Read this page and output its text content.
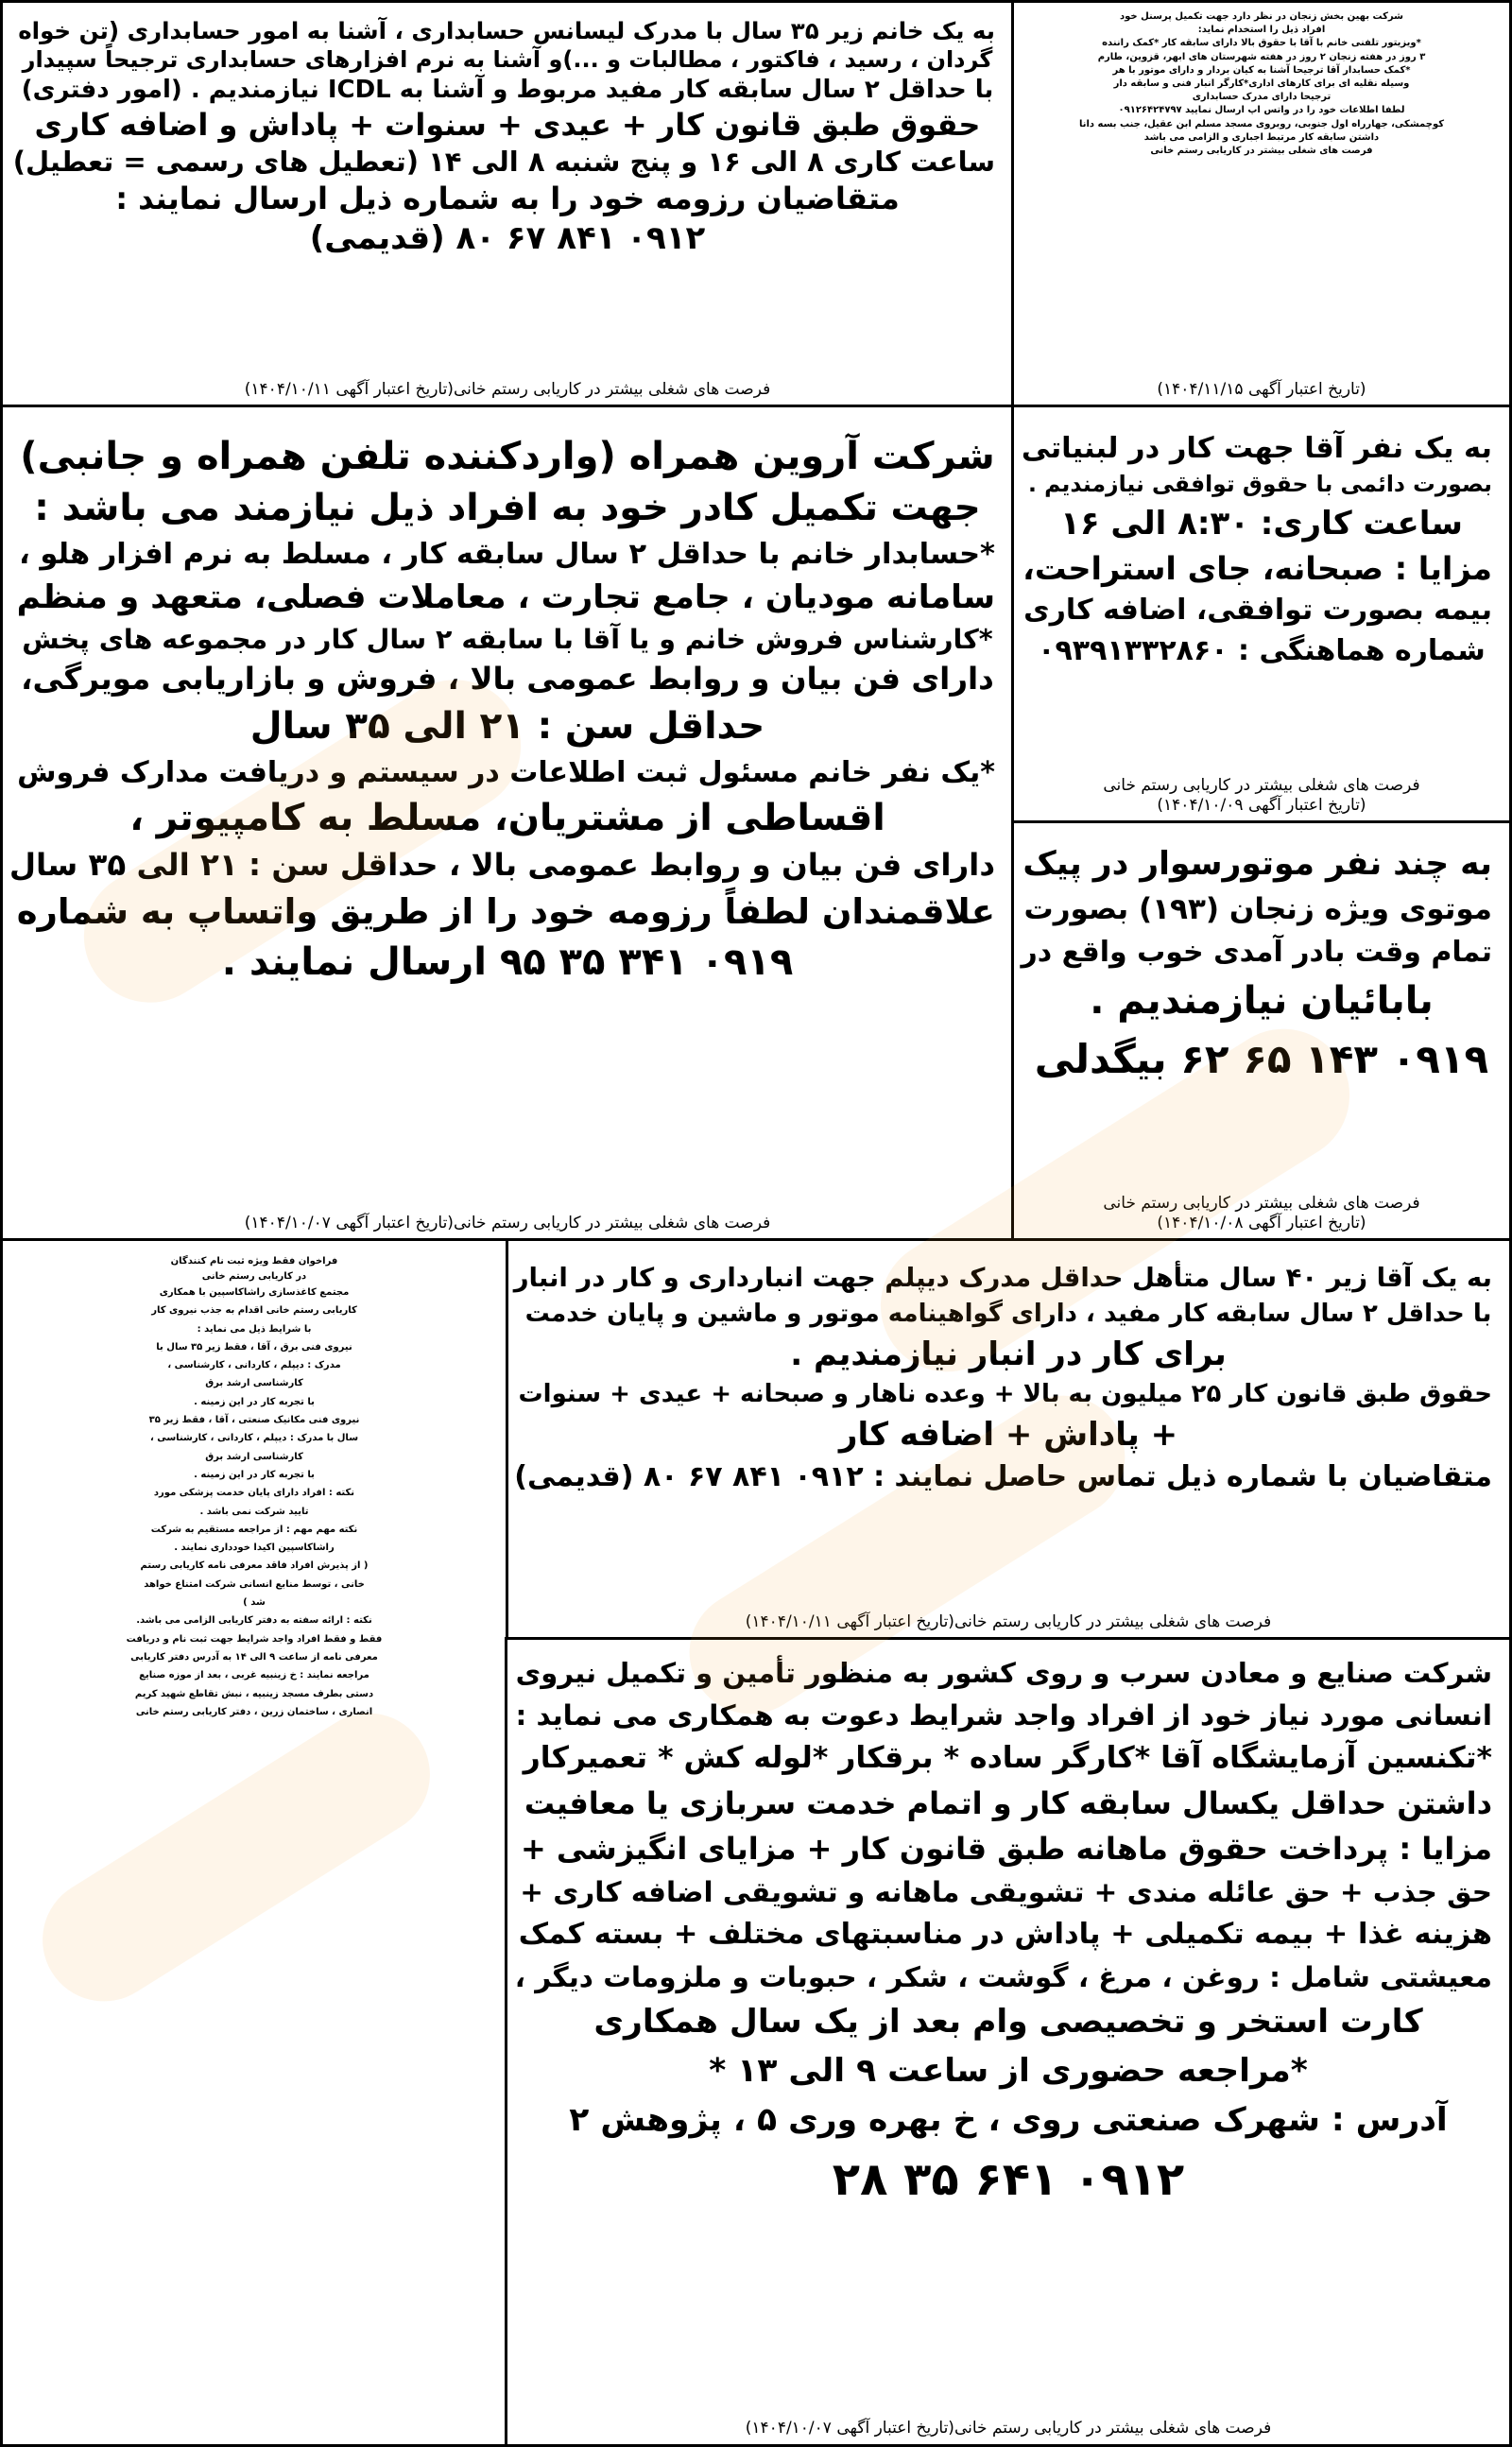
به یک خانم زیر ۳۵ سال با مدرک لیسانس حسابداری ، آشنا به امور حسابداری (تن خواه
گردان ، رسید ، فاکتور ، مطالبات و ...)و آشنا به نرم افزارهای حسابداری ترجیحاً سپیدار
با حداقل ۲ سال سابقه کار مفید مربوط و آشنا به ICDL نیازمندیم . (امور دفتری)
حقوق طبق قانون کار + عیدی + سنوات + پاداش و اضافه کاری
ساعت کاری ۸ الی ۱۶ و پنج شنبه ۸ الی ۱۴ (تعطیل های رسمی = تعطیل)
متقاضیان رزومه خود را به شماره ذیل ارسال نمایند :
۰۹۱۲ ۸۴۱ ۶۷ ۸۰ (قدیمی)
فرصت های شغلی بیشتر در کاریابی رستم خانی(تاریخ اعتبار آگهی ۱۴۰۴/۱۰/۱۱)
شرکت بهین بخش زنجان در نظر دارد جهت تکمیل پرسنل خود
افراد ذیل را استخدام نماید:
*ویزیتور تلفنی خانم با آقا با حقوق بالا دارای سابقه کار *کمک راننده
۳ روز در هفته زنجان ۲ روز در هفته شهرستان های ابهر، قزوین، طارم
*کمک حسابدار آقا ترجیحا آشنا به کیان بردار و دارای موتور با هر
وسیله نقلیه ای برای کارهای اداری*کارگر انبار فنی و سابقه دار
ترجیحا دارای مدرک حسابداری
لطفا اطلاعات خود را در واتس اپ ارسال نمایید ۰۹۱۲۶۴۲۴۷۹۷
کوچمشکی، جهارراه اول جنوبی، روبروی مسجد مسلم ابن عقیل، جنب بسه دانا
داشتن سابقه کار مرتبط اجباری و الزامی می باشد
فرصت های شغلی بیشتر در کاریابی رستم خانی
(تاریخ اعتبار آگهی ۱۴۰۴/۱۱/۱۵)
شرکت آروین همراه (واردکننده تلفن همراه و جانبی)
جهت تکمیل کادر خود به افراد ذیل نیازمند می باشد :
*حسابدار خانم با حداقل ۲ سال سابقه کار ، مسلط به نرم افزار هلو ،
سامانه مودیان ، جامع تجارت ، معاملات فصلی، متعهد و منظم
*کارشناس فروش خانم و یا آقا با سابقه ۲ سال کار در مجموعه های پخش
دارای فن بیان و روابط عمومی بالا ، فروش و بازاریابی مویرگی،
حداقل سن : ۲۱ الی ۳۵ سال
*یک نفر خانم مسئول ثبت اطلاعات در سیستم و دریافت مدارک فروش
اقساطی از مشتریان، مسلط به کامپیوتر ،
دارای فن بیان و روابط عمومی بالا ، حداقل سن : ۲۱ الی ۳۵ سال
علاقمندان لطفاً رزومه خود را از طریق واتساپ به شماره
۰۹۱۹ ۳۴۱ ۳۵ ۹۵ ارسال نمایند .
فرصت های شغلی بیشتر در کاریابی رستم خانی(تاریخ اعتبار آگهی ۱۴۰۴/۱۰/۰۷)
به یک نفر آقا جهت کار در لبنیاتی
بصورت دائمی با حقوق توافقی نیازمندیم .
ساعت کاری: ۸:۳۰ الی ۱۶
مزایا : صبحانه، جای استراحت،
بیمه بصورت توافقی، اضافه کاری
شماره هماهنگی : ۰۹۳۹۱۳۳۲۸۶۰
فرصت های شغلی بیشتر در کاریابی رستم خانی
(تاریخ اعتبار آگهی ۱۴۰۴/۱۰/۰۹)
به چند نفر موتورسوار در پیک
موتوی ویژه زنجان (۱۹۳) بصورت
تمام وقت بادر آمدی خوب واقع در
بابائیان نیازمندیم .
۰۹۱۹ ۱۴۳ ۶۵ ۶۲ بیگدلی
فرصت های شغلی بیشتر در کاریابی رستم خانی
(تاریخ اعتبار آگهی ۱۴۰۴/۱۰/۰۸)
به یک آقا زیر ۴۰ سال متأهل حداقل مدرک دیپلم جهت انبارداری و کار در انبار
با حداقل ۲ سال سابقه کار مفید ، دارای گواهینامه موتور و ماشین و پایان خدمت
برای کار در انبار نیازمندیم .
حقوق طبق قانون کار ۲۵ میلیون به بالا + وعده ناهار و صبحانه + عیدی + سنوات
+ پاداش + اضافه کار
متقاضیان با شماره ذیل تماس حاصل نمایند : ۰۹۱۲ ۸۴۱ ۶۷ ۸۰ (قدیمی)
فرصت های شغلی بیشتر در کاریابی رستم خانی(تاریخ اعتبار آگهی ۱۴۰۴/۱۰/۱۱)
فراخوان فقط ویژه ثبت نام کنندگان
در کاریابی رستم خانی
مجتمع کاغذسازی راشاکاسپین با همکاری
کاریابی رستم خانی اقدام به جذب نیروی کار
با شرایط ذیل می نماید :
نیروی فنی برق ، آقا ، فقط زیر ۳۵ سال با
مدرک : دیپلم ، کاردانی ، کارشناسی ،
کارشناسی ارشد برق
با تجربه کار در این زمینه .
نیروی فنی مکانیک صنعتی ، آقا ، فقط زیر ۳۵
سال با مدرک : دیپلم ، کاردانی ، کارشناسی ،
کارشناسی ارشد برق
با تجربه کار در این زمینه .
نکته : افراد دارای پایان خدمت پزشکی مورد
تایید شرکت نمی باشد .
نکته مهم مهم : از مراجعه مستقیم به شرکت
راشاکاسپین اکیدا خودداری نمایند .
( از پذیرش افراد فاقد معرفی نامه کاریابی رستم
خانی ، توسط منابع انسانی شرکت امتناع خواهد
شد )
نکته : ارائه سفته به دفتر کاریابی الزامی می باشد.
فقط و فقط افراد واجد شرایط جهت ثبت نام و دریافت
معرفی نامه از ساعت ۹ الی ۱۴ به آدرس دفتر کاریابی
مراجعه نمایند : خ زینبیه غربی ، بعد از موزه صنایع
دستی بطرف مسجد زینبیه ، نبش تقاطع شهید کریم
انصاری ، ساختمان زرین ، دفتر کاریابی رستم خانی
شرکت صنایع و معادن سرب و روی کشور به منظور تأمین و تکمیل نیروی
انسانی مورد نیاز خود از افراد واجد شرایط دعوت به همکاری می نماید :
*تکنسین آزمایشگاه آقا *کارگر ساده * برقکار *لوله کش * تعمیرکار
داشتن حداقل یکسال سابقه کار و اتمام خدمت سربازی یا معافیت
مزایا : پرداخت حقوق ماهانه طبق قانون کار + مزایای انگیزشی +
حق جذب + حق عائله مندی + تشویقی ماهانه و تشویقی اضافه کاری +
هزینه غذا + بیمه تکمیلی + پاداش در مناسبتهای مختلف + بسته کمک
معیشتی شامل : روغن ، مرغ ، گوشت ، شکر ، حبوبات و ملزومات دیگر ،
کارت استخر و تخصیصی وام بعد از یک سال همکاری
*مراجعه حضوری از ساعت ۹ الی ۱۳ *
آدرس : شهرک صنعتی روی ، خ بهره وری ۵ ، پژوهش ۲
۰۹۱۲ ۶۴۱ ۳۵ ۲۸
فرصت های شغلی بیشتر در کاریابی رستم خانی(تاریخ اعتبار آگهی ۱۴۰۴/۱۰/۰۷)
